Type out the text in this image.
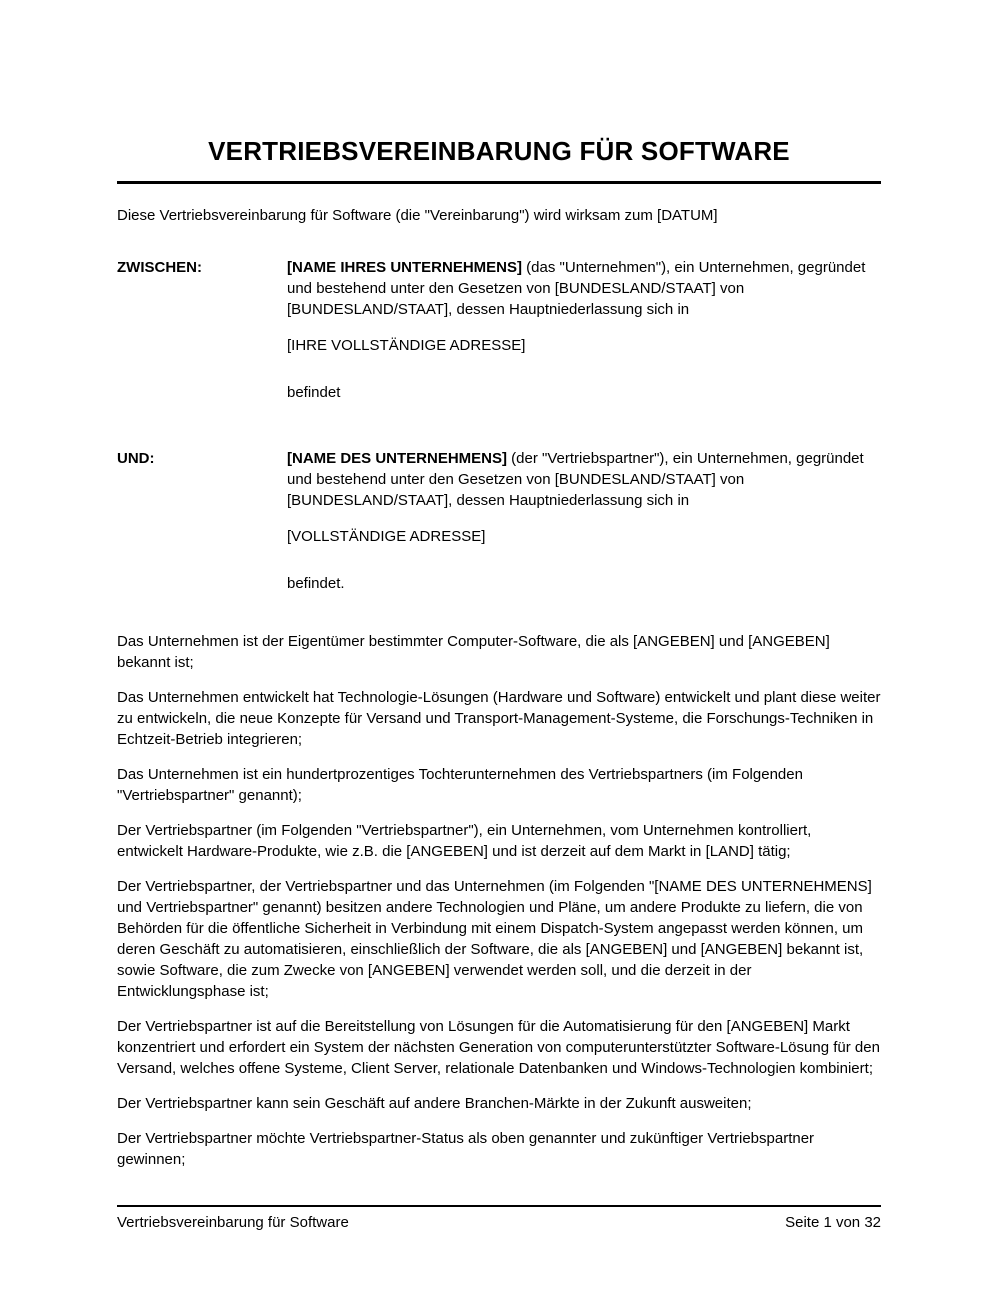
VERTRIEBSVEREINBARUNG FÜR SOFTWARE

Diese Vertriebsvereinbarung für Software (die "Vereinbarung") wird wirksam zum [DATUM]

ZWISCHEN:	[NAME IHRES UNTERNEHMENS] (das "Unternehmen"), ein Unternehmen, gegründet und bestehend unter den Gesetzen von [BUNDESLAND/STAAT] von [BUNDESLAND/STAAT], dessen Hauptniederlassung sich in

[IHRE VOLLSTÄNDIGE ADRESSE]

befindet

UND:	[NAME DES UNTERNEHMENS] (der "Vertriebspartner"), ein Unternehmen, gegründet und bestehend unter den Gesetzen von [BUNDESLAND/STAAT] von [BUNDESLAND/STAAT], dessen Hauptniederlassung sich in

[VOLLSTÄNDIGE ADRESSE]

befindet.

Das Unternehmen ist der Eigentümer bestimmter Computer-Software, die als [ANGEBEN] und [ANGEBEN] bekannt ist;

Das Unternehmen entwickelt hat Technologie-Lösungen (Hardware und Software) entwickelt und plant diese weiter zu entwickeln, die neue Konzepte für Versand und Transport-Management-Systeme, die Forschungs-Techniken in Echtzeit-Betrieb integrieren;

Das Unternehmen ist ein hundertprozentiges Tochterunternehmen des Vertriebspartners (im Folgenden "Vertriebspartner" genannt);

Der Vertriebspartner (im Folgenden "Vertriebspartner"), ein Unternehmen, vom Unternehmen kontrolliert, entwickelt Hardware-Produkte, wie z.B. die [ANGEBEN] und ist derzeit auf dem Markt in [LAND] tätig;

Der Vertriebspartner, der Vertriebspartner und das Unternehmen (im Folgenden "[NAME DES UNTERNEHMENS] und Vertriebspartner" genannt) besitzen andere Technologien und Pläne, um andere Produkte zu liefern, die von Behörden für die öffentliche Sicherheit in Verbindung mit einem Dispatch-System angepasst werden können, um deren Geschäft zu automatisieren, einschließlich der Software, die als [ANGEBEN] und [ANGEBEN] bekannt ist, sowie Software, die zum Zwecke von [ANGEBEN] verwendet werden soll, und die derzeit in der Entwicklungsphase ist;

Der Vertriebspartner ist auf die Bereitstellung von Lösungen für die Automatisierung für den [ANGEBEN] Markt konzentriert und erfordert ein System der nächsten Generation von computerunterstützter Software-Lösung für den Versand, welches offene Systeme, Client Server, relationale Datenbanken und Windows-Technologien kombiniert;

Der Vertriebspartner kann sein Geschäft auf andere Branchen-Märkte in der Zukunft ausweiten;

Der Vertriebspartner möchte Vertriebspartner-Status als oben genannter und zukünftiger Vertriebspartner gewinnen;

Vertriebsvereinbarung für Software	Seite 1 von 32
